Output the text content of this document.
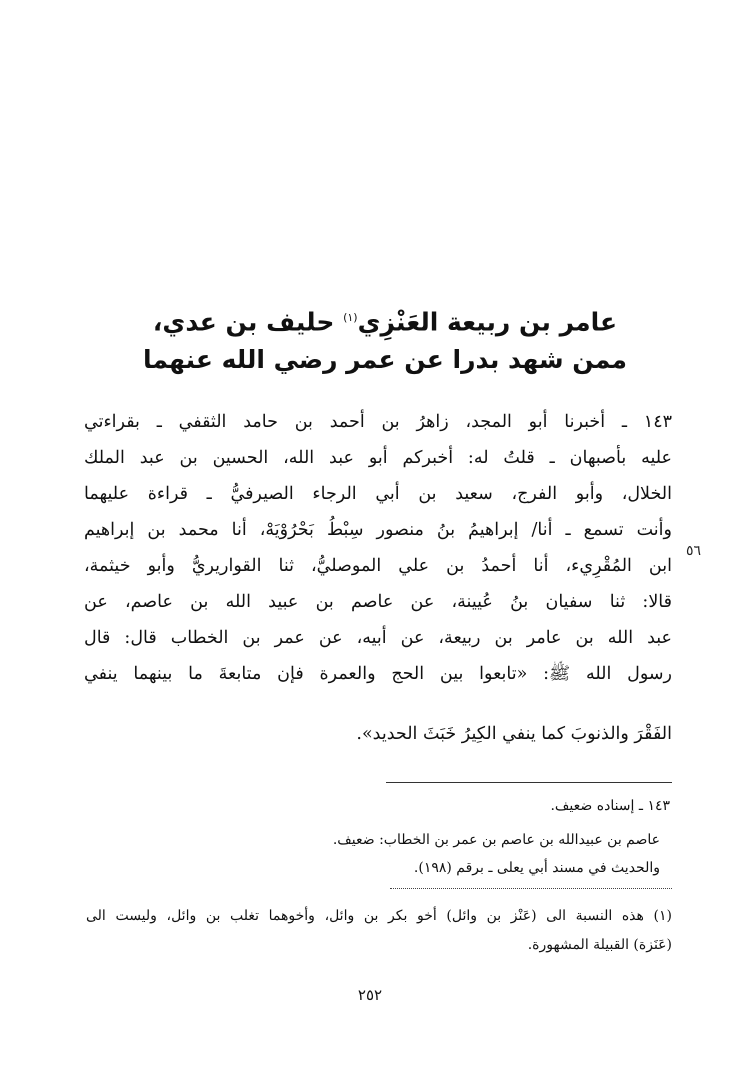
عامر بن ربيعة العَنْزِي$^{(١)}$ حليف بن عدي،
ممن شهد بدرا عن عمر رضي الله عنهما
١٤٣ ـ أخبرنا أبو المجد، زاهرُ بن أحمد بن حامد الثقفي ـ بقراءتي
عليه بأصبهان ـ قلتُ له: أخبركم أبو عبد الله، الحسين بن عبد الملك
الخلال، وأبو الفرج، سعيد بن أبي الرجاء الصيرفيُّ ـ قراءة عليهما
وأنت تسمع ـ أنا/ إبراهيمُ بنُ منصور سِبْطُ بَحْرُوْيَهْ، أنا محمد بن إبراهيم
ابن المُقْرِيء، أنا أحمدُ بن علي الموصليُّ، ثنا القواريريُّ وأبو خيثمة،
قالا: ثنا سفيان بنُ عُيينة، عن عاصم بن عبيد الله بن عاصم، عن
عبد الله بن عامر بن ربيعة، عن أبيه، عن عمر بن الخطاب قال: قال
رسول الله ﷺ: «تابعوا بين الحج والعمرة فإن متابعةَ ما بينهما ينفي
الفَقْرَ والذنوبَ كما ينفي الكِيرُ خَبَثَ الحديد».
٥٦
١٤٣ ـ إسناده ضعيف.
عاصم بن عبيدالله بن عاصم بن عمر بن الخطاب: ضعيف.
والحديث في مسند أبي يعلى ـ برقم (١٩٨).
(١) هذه النسبة الى (عَنْز بن وائل) أخو بكر بن وائل، وأخوهما تغلب بن وائل، وليست الى
(عَنَزة) القبيلة المشهورة.
٢٥٢
